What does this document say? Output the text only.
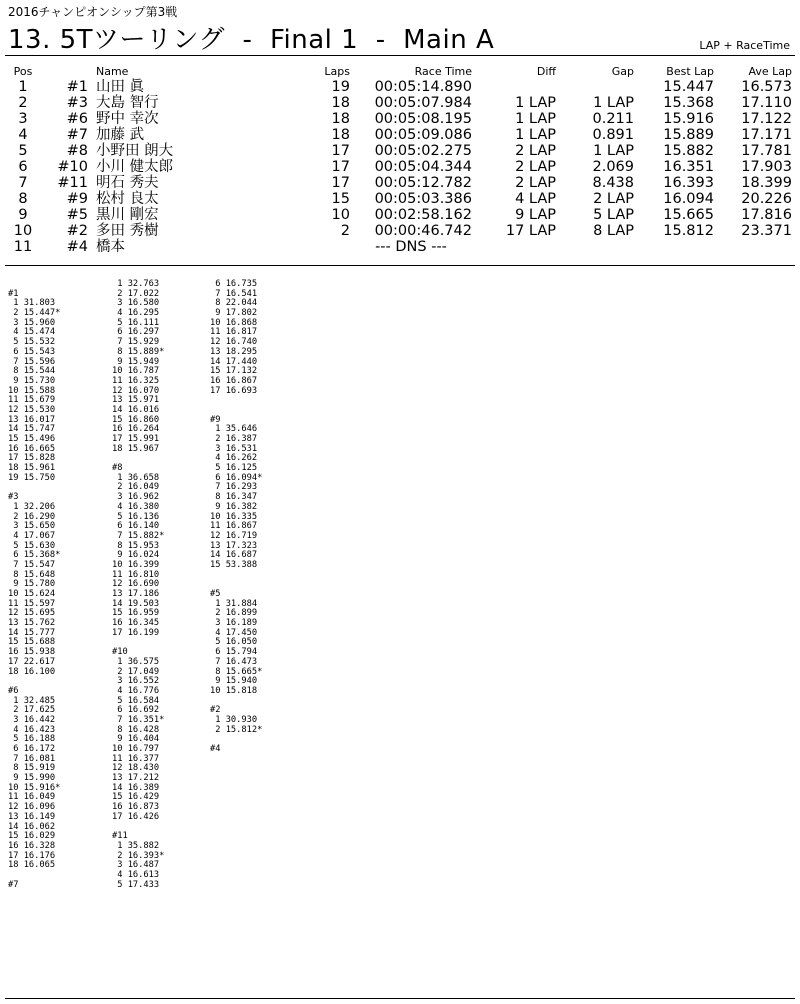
2016チャンピオンシップ第3戦
13. 5Tツーリング  -  Final 1  -  Main A	LAP + RaceTime
Pos		Name	Laps	Race Time	Diff	Gap	Best Lap	Ave Lap
1	#1	山田 眞	19	00:05:14.890			15.447	16.573
2	#3	大島 智行	18	00:05:07.984	1 LAP	1 LAP	15.368	17.110
3	#6	野中 幸次	18	00:05:08.195	1 LAP	0.211	15.916	17.122
4	#7	加藤 武	18	00:05:09.086	1 LAP	0.891	15.889	17.171
5	#8	小野田 朗大	17	00:05:02.275	2 LAP	1 LAP	15.882	17.781
6	#10	小川 健太郎	17	00:05:04.344	2 LAP	2.069	16.351	17.903
7	#11	明石 秀夫	17	00:05:12.782	2 LAP	8.438	16.393	18.399
8	#9	松村 良太	15	00:05:03.386	4 LAP	2 LAP	16.094	20.226
9	#5	黒川 剛宏	10	00:02:58.162	9 LAP	5 LAP	15.665	17.816
10	#2	多田 秀樹	2	00:00:46.742	17 LAP	8 LAP	15.812	23.371
11	#4	橋本		--- DNS ---				
#1
1 31.803
2 15.447*
3 15.960
4 15.474
5 15.532
6 15.543
7 15.596
8 15.544
9 15.730
10 15.588
11 15.679
12 15.530
13 16.017
14 15.747
15 15.496
16 16.665
17 15.828
18 15.961
19 15.750
#3
1 32.206
2 16.290
3 15.650
4 17.067
5 15.630
6 15.368*
7 15.547
8 15.648
9 15.780
10 15.624
11 15.597
12 15.695
13 15.762
14 15.777
15 15.688
16 15.938
17 22.617
18 16.100
#6
1 32.485
2 17.625
3 16.442
4 16.423
5 16.188
6 16.172
7 16.081
8 15.919
9 15.990
10 15.916*
11 16.049
12 16.096
13 16.149
14 16.062
15 16.029
16 16.328
17 16.176
18 16.065
#7
1 32.763
2 17.022
3 16.580
4 16.295
5 16.111
6 16.297
7 15.929
8 15.889*
9 15.949
10 16.787
11 16.325
12 16.070
13 15.971
14 16.016
15 16.860
16 16.264
17 15.991
18 15.967
#8
1 36.658
2 16.049
3 16.962
4 16.380
5 16.136
6 16.140
7 15.882*
8 15.953
9 16.024
10 16.399
11 16.810
12 16.690
13 17.186
14 19.503
15 16.959
16 16.345
17 16.199
#10
1 36.575
2 17.049
3 16.552
4 16.776
5 16.584
6 16.692
7 16.351*
8 16.428
9 16.404
10 16.797
11 16.377
12 18.430
13 17.212
14 16.389
15 16.429
16 16.873
17 16.426
#11
1 35.882
2 16.393*
3 16.487
4 16.613
5 17.433
6 16.735
7 16.541
8 22.044
9 17.802
10 16.868
11 16.817
12 16.740
13 18.295
14 17.440
15 17.132
16 16.867
17 16.693
#9
1 35.646
2 16.387
3 16.531
4 16.262
5 16.125
6 16.094*
7 16.293
8 16.347
9 16.382
10 16.335
11 16.867
12 16.719
13 17.323
14 16.687
15 53.388
#5
1 31.884
2 16.899
3 16.189
4 17.450
5 16.050
6 15.794
7 16.473
8 15.665*
9 15.940
10 15.818
#2
1 30.930
2 15.812*
#4
